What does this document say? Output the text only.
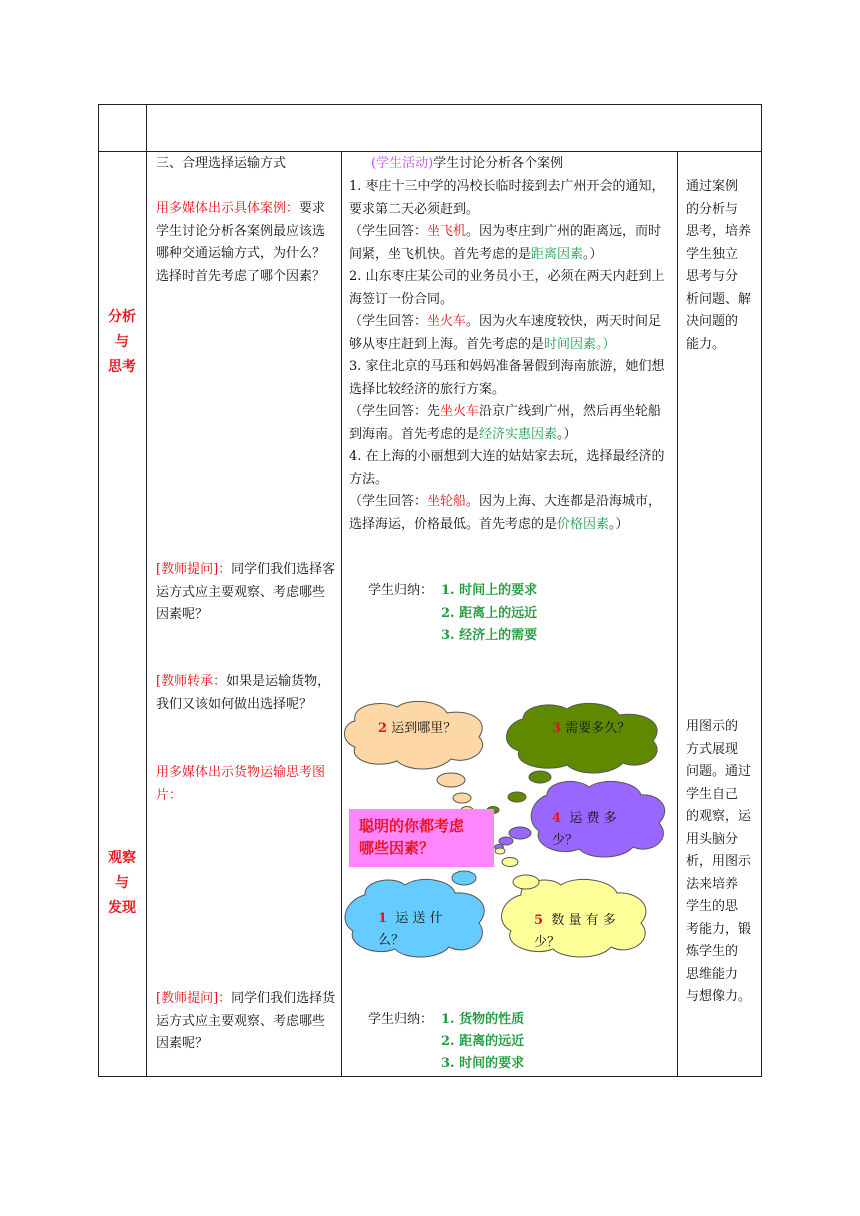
分析
与
思考
观察
与
发现
三、合理选择运输方式
用多媒体出示具体案例：要求学生讨论分析各案例最应该选哪种交通运输方式，为什么？选择时首先考虑了哪个因素？
[教师提问]：同学们我们选择客运方式应主要观察、考虑哪些因素呢？
[教师转承：如果是运输货物，我们又该如何做出选择呢？
用多媒体出示货物运输思考图片：
[教师提问]：同学们我们选择货运方式应主要观察、考虑哪些因素呢？
(学生活动)学生讨论分析各个案例
1. 枣庄十三中学的冯校长临时接到去广州开会的通知，要求第二天必须赶到。
（学生回答：坐飞机。因为枣庄到广州的距离远，而时间紧，坐飞机快。首先考虑的是距离因素。）
2. 山东枣庄某公司的业务员小王，必须在两天内赶到上海签订一份合同。
（学生回答：坐火车。因为火车速度较快，两天时间足够从枣庄赶到上海。首先考虑的是时间因素。）
3. 家住北京的马珏和妈妈准备暑假到海南旅游，她们想选择比较经济的旅行方案。
（学生回答：先坐火车沿京广线到广州，然后再坐轮船到海南。首先考虑的是经济实惠因素。）
4. 在上海的小丽想到大连的姑姑家去玩，选择最经济的方法。
（学生回答：坐轮船。因为上海、大连都是沿海城市，选择海运，价格最低。首先考虑的是价格因素。）
学生归纳： 1. 时间上的要求
2. 距离上的远近
3. 经济上的需要
2 运到哪里？	3 需要多久？
4 运 费 多
少？
1 运 送 什
么？
5 数 量 有 多
少？
聪明的你都考虑
哪些因素？
学生归纳： 1. 货物的性质
2. 距离的远近
3. 时间的要求
通过案例
的分析与
思考，培养
学生独立
思考与分
析问题、解
决问题的
能力。
用图示的
方式展现
问题。通过
学生自己
的观察，运
用头脑分
析，用图示
法来培养
学生的思
考能力，锻
炼学生的
思维能力
与想像力。
